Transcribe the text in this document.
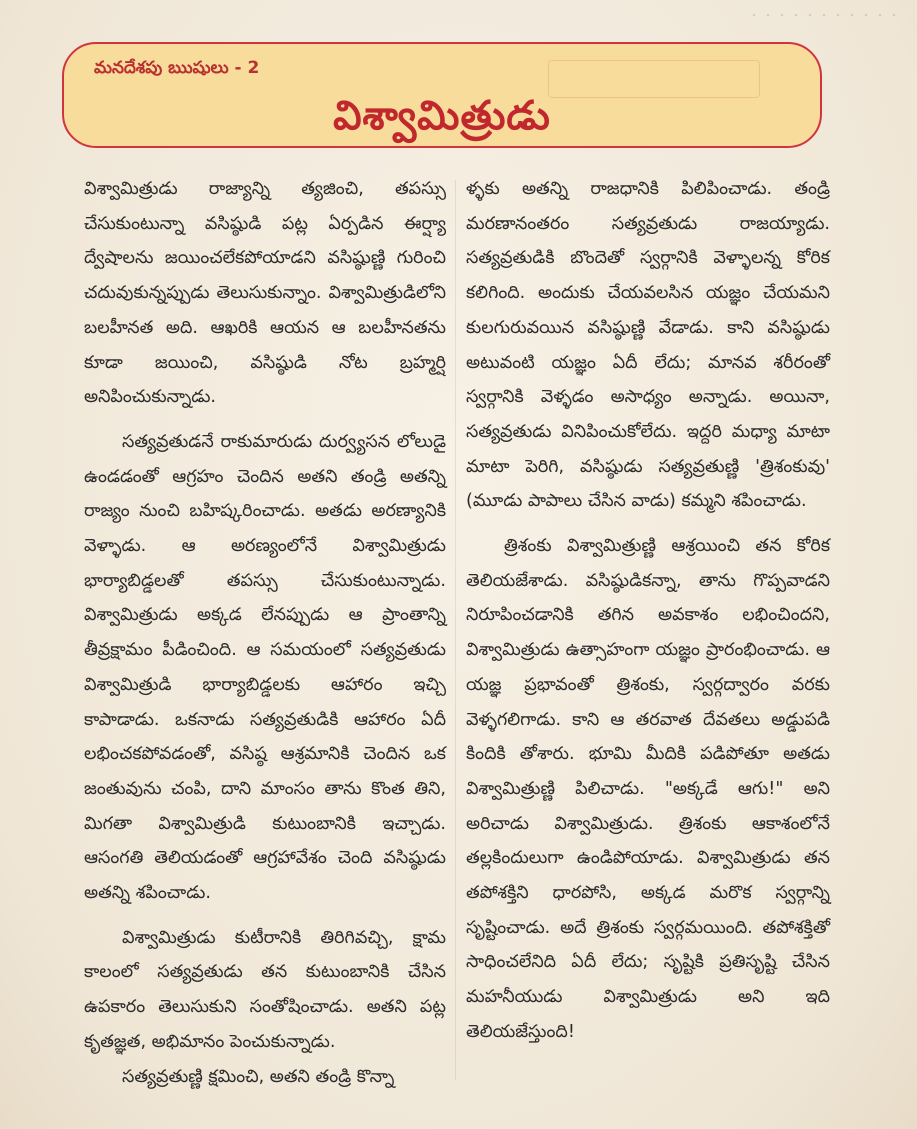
మనదేశపు ఋషులు - 2
విశ్వామిత్రుడు

విశ్వామిత్రుడు రాజ్యాన్ని త్యజించి, తపస్సు చేసుకుంటున్నా వసిష్ఠుడి పట్ల ఏర్పడిన ఈర్ష్యా ద్వేషాలను జయించలేకపోయాడని వసిష్ఠుణ్ణి గురించి చదువుకున్నప్పుడు తెలుసుకున్నాం. విశ్వామిత్రుడిలోని బలహీనత అది. ఆఖరికి ఆయన ఆ బలహీనతను కూడా జయించి, వసిష్ఠుడి నోట బ్రహ్మర్షి అనిపించుకున్నాడు.

సత్యవ్రతుడనే రాకుమారుడు దుర్వ్యసన లోలుడై ఉండడంతో ఆగ్రహం చెందిన అతని తండ్రి అతన్ని రాజ్యం నుంచి బహిష్కరించాడు. అతడు అరణ్యానికి వెళ్ళాడు. ఆ అరణ్యంలోనే విశ్వామిత్రుడు భార్యాబిడ్డలతో తపస్సు చేసుకుంటున్నాడు. విశ్వామిత్రుడు అక్కడ లేనప్పుడు ఆ ప్రాంతాన్ని తీవ్రక్షామం పీడించింది. ఆ సమయంలో సత్యవ్రతుడు విశ్వామిత్రుడి భార్యాబిడ్డలకు ఆహారం ఇచ్చి కాపాడాడు. ఒకనాడు సత్యవ్రతుడికి ఆహారం ఏదీ లభించకపోవడంతో, వసిష్ఠ ఆశ్రమానికి చెందిన ఒక జంతువును చంపి, దాని మాంసం తాను కొంత తిని, మిగతా విశ్వామిత్రుడి కుటుంబానికి ఇచ్చాడు. ఆసంగతి తెలియడంతో ఆగ్రహావేశం చెంది వసిష్ఠుడు అతన్ని శపించాడు.

విశ్వామిత్రుడు కుటీరానికి తిరిగివచ్చి, క్షామ కాలంలో సత్యవ్రతుడు తన కుటుంబానికి చేసిన ఉపకారం తెలుసుకుని సంతోషించాడు. అతని పట్ల కృతజ్ఞత, అభిమానం పెంచుకున్నాడు.

సత్యవ్రతుణ్ణి క్షమించి, అతని తండ్రి కొన్నా

ళ్ళకు అతన్ని రాజధానికి పిలిపించాడు. తండ్రి మరణానంతరం సత్యవ్రతుడు రాజయ్యాడు. సత్యవ్రతుడికి బొందెతో స్వర్గానికి వెళ్ళాలన్న కోరిక కలిగింది. అందుకు చేయవలసిన యజ్ఞం చేయమని కులగురువయిన వసిష్ఠుణ్ణి వేడాడు. కాని వసిష్ఠుడు అటువంటి యజ్ఞం ఏదీ లేదు; మానవ శరీరంతో స్వర్గానికి వెళ్ళడం అసాధ్యం అన్నాడు. అయినా, సత్యవ్రతుడు వినిపించుకోలేదు. ఇద్దరి మధ్యా మాటా మాటా పెరిగి, వసిష్ఠుడు సత్యవ్రతుణ్ణి 'త్రిశంకువు' (మూడు పాపాలు చేసిన వాడు) కమ్మని శపించాడు.

త్రిశంకు విశ్వామిత్రుణ్ణి ఆశ్రయించి తన కోరిక తెలియజేశాడు. వసిష్ఠుడికన్నా, తాను గొప్పవాడని నిరూపించడానికి తగిన అవకాశం లభించిందని, విశ్వామిత్రుడు ఉత్సాహంగా యజ్ఞం ప్రారంభించాడు. ఆ యజ్ఞ ప్రభావంతో త్రిశంకు, స్వర్గద్వారం వరకు వెళ్ళగలిగాడు. కాని ఆ తరవాత దేవతలు అడ్డుపడి కిందికి తోశారు. భూమి మీదికి పడిపోతూ అతడు విశ్వామిత్రుణ్ణి పిలిచాడు. "అక్కడే ఆగు!" అని అరిచాడు విశ్వామిత్రుడు. త్రిశంకు ఆకాశంలోనే తల్లకిందులుగా ఉండిపోయాడు. విశ్వామిత్రుడు తన తపోశక్తిని ధారపోసి, అక్కడ మరొక స్వర్గాన్ని సృష్టించాడు. అదే త్రిశంకు స్వర్గమయింది. తపోశక్తితో సాధించలేనిది ఏదీ లేదు; సృష్టికి ప్రతిసృష్టి చేసిన మహనీయుడు విశ్వామిత్రుడు అని ఇది తెలియజేస్తుంది!
